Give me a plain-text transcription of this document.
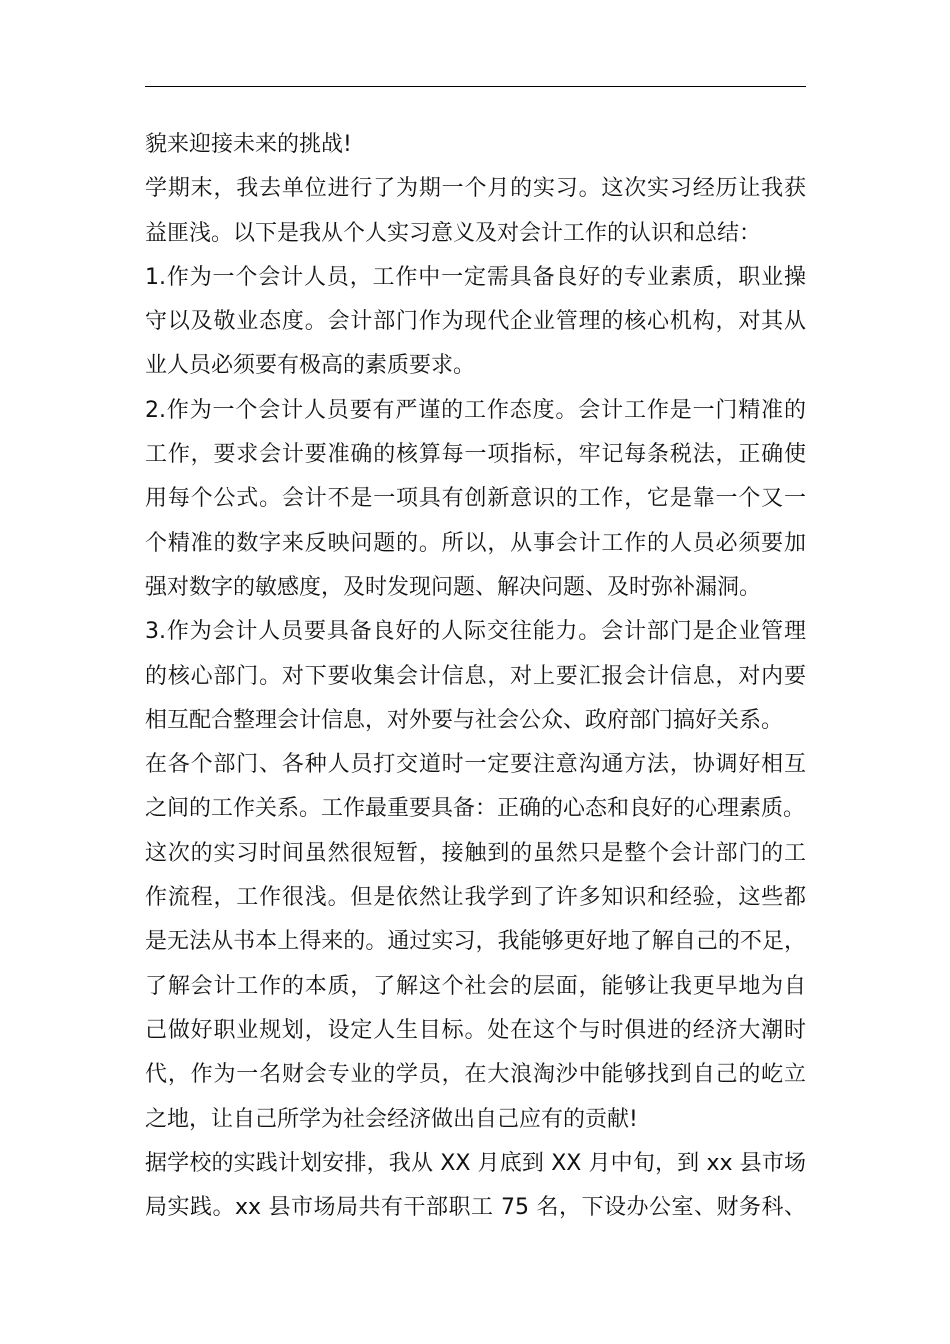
貌来迎接未来的挑战!
学期末，我去单位进行了为期一个月的实习。这次实习经历让我获
益匪浅。以下是我从个人实习意义及对会计工作的认识和总结：
1.作为一个会计人员，工作中一定需具备良好的专业素质，职业操
守以及敬业态度。会计部门作为现代企业管理的核心机构，对其从
业人员必须要有极高的素质要求。
2.作为一个会计人员要有严谨的工作态度。会计工作是一门精准的
工作，要求会计要准确的核算每一项指标，牢记每条税法，正确使
用每个公式。会计不是一项具有创新意识的工作，它是靠一个又一
个精准的数字来反映问题的。所以，从事会计工作的人员必须要加
强对数字的敏感度，及时发现问题、解决问题、及时弥补漏洞。
3.作为会计人员要具备良好的人际交往能力。会计部门是企业管理
的核心部门。对下要收集会计信息，对上要汇报会计信息，对内要
相互配合整理会计信息，对外要与社会公众、政府部门搞好关系。
在各个部门、各种人员打交道时一定要注意沟通方法，协调好相互
之间的工作关系。工作最重要具备：正确的心态和良好的心理素质。
这次的实习时间虽然很短暂，接触到的虽然只是整个会计部门的工
作流程，工作很浅。但是依然让我学到了许多知识和经验，这些都
是无法从书本上得来的。通过实习，我能够更好地了解自己的不足，
了解会计工作的本质，了解这个社会的层面，能够让我更早地为自
己做好职业规划，设定人生目标。处在这个与时俱进的经济大潮时
代，作为一名财会专业的学员，在大浪淘沙中能够找到自己的屹立
之地，让自己所学为社会经济做出自己应有的贡献!
据学校的实践计划安排，我从 XX 月底到 XX 月中旬，到 xx 县市场
局实践。xx 县市场局共有干部职工 75 名，下设办公室、财务科、
